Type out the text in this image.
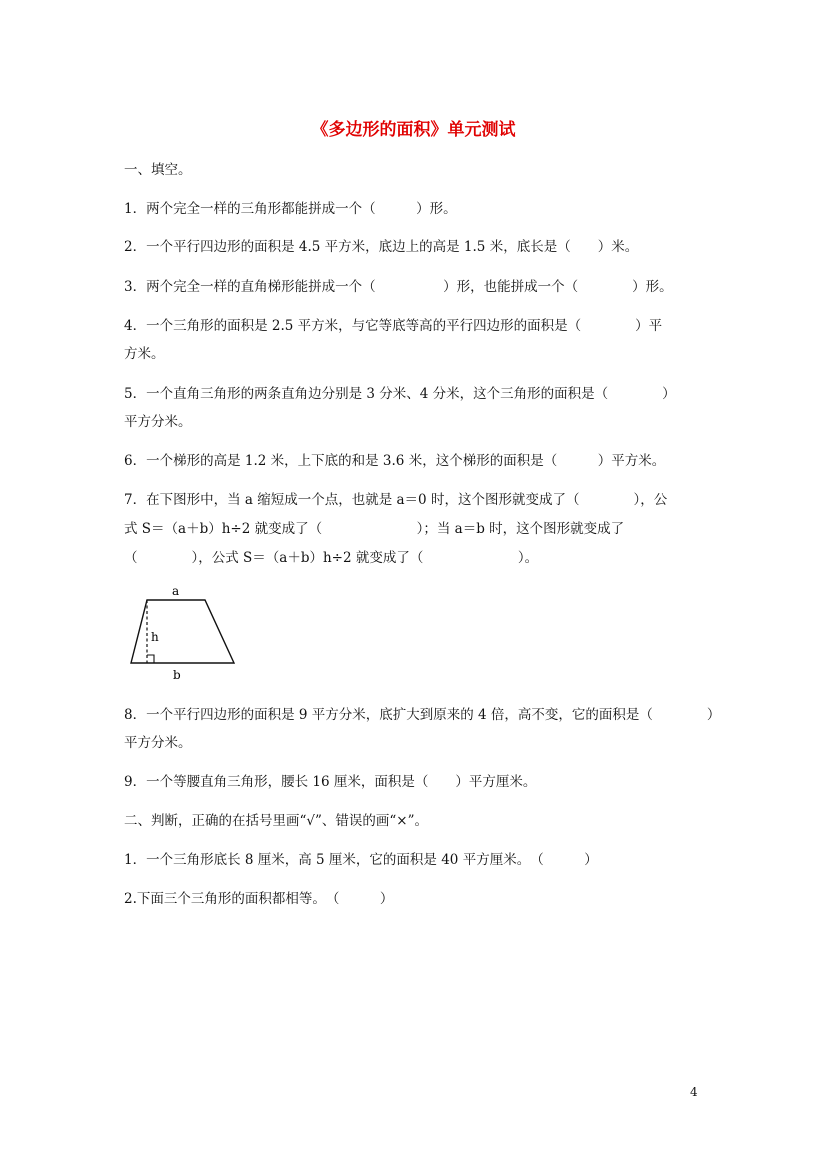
《多边形的面积》单元测试
一、填空。
1．两个完全一样的三角形都能拼成一个（　　　）形。
2．一个平行四边形的面积是 4.5 平方米，底边上的高是 1.5 米，底长是（　　）米。
3．两个完全一样的直角梯形能拼成一个（　　　　　）形，也能拼成一个（　　　　）形。
4．一个三角形的面积是 2.5 平方米，与它等底等高的平行四边形的面积是（　　　　）平
方米。
5．一个直角三角形的两条直角边分别是 3 分米、4 分米，这个三角形的面积是（　　　　）
平方分米。
6．一个梯形的高是 1.2 米，上下底的和是 3.6 米，这个梯形的面积是（　　　）平方米。
7．在下图形中，当 a 缩短成一个点，也就是 a＝0 时，这个图形就变成了（　　　　），公
式 S＝（a＋b）h÷2 就变成了（　　　　　　　）；当 a＝b 时，这个图形就变成了
（　　　　），公式 S＝（a＋b）h÷2 就变成了（　　　　　　　）。
a
h
b
8．一个平行四边形的面积是 9 平方分米，底扩大到原来的 4 倍，高不变，它的面积是（　　　　）
平方分米。
9．一个等腰直角三角形，腰长 16 厘米，面积是（　　）平方厘米。
二、判断，正确的在括号里画“√”、错误的画“×”。
1．一个三角形底长 8 厘米，高 5 厘米，它的面积是 40 平方厘米。　（　　　）
2.下面三个三角形的面积都相等。　（　　　）
4
